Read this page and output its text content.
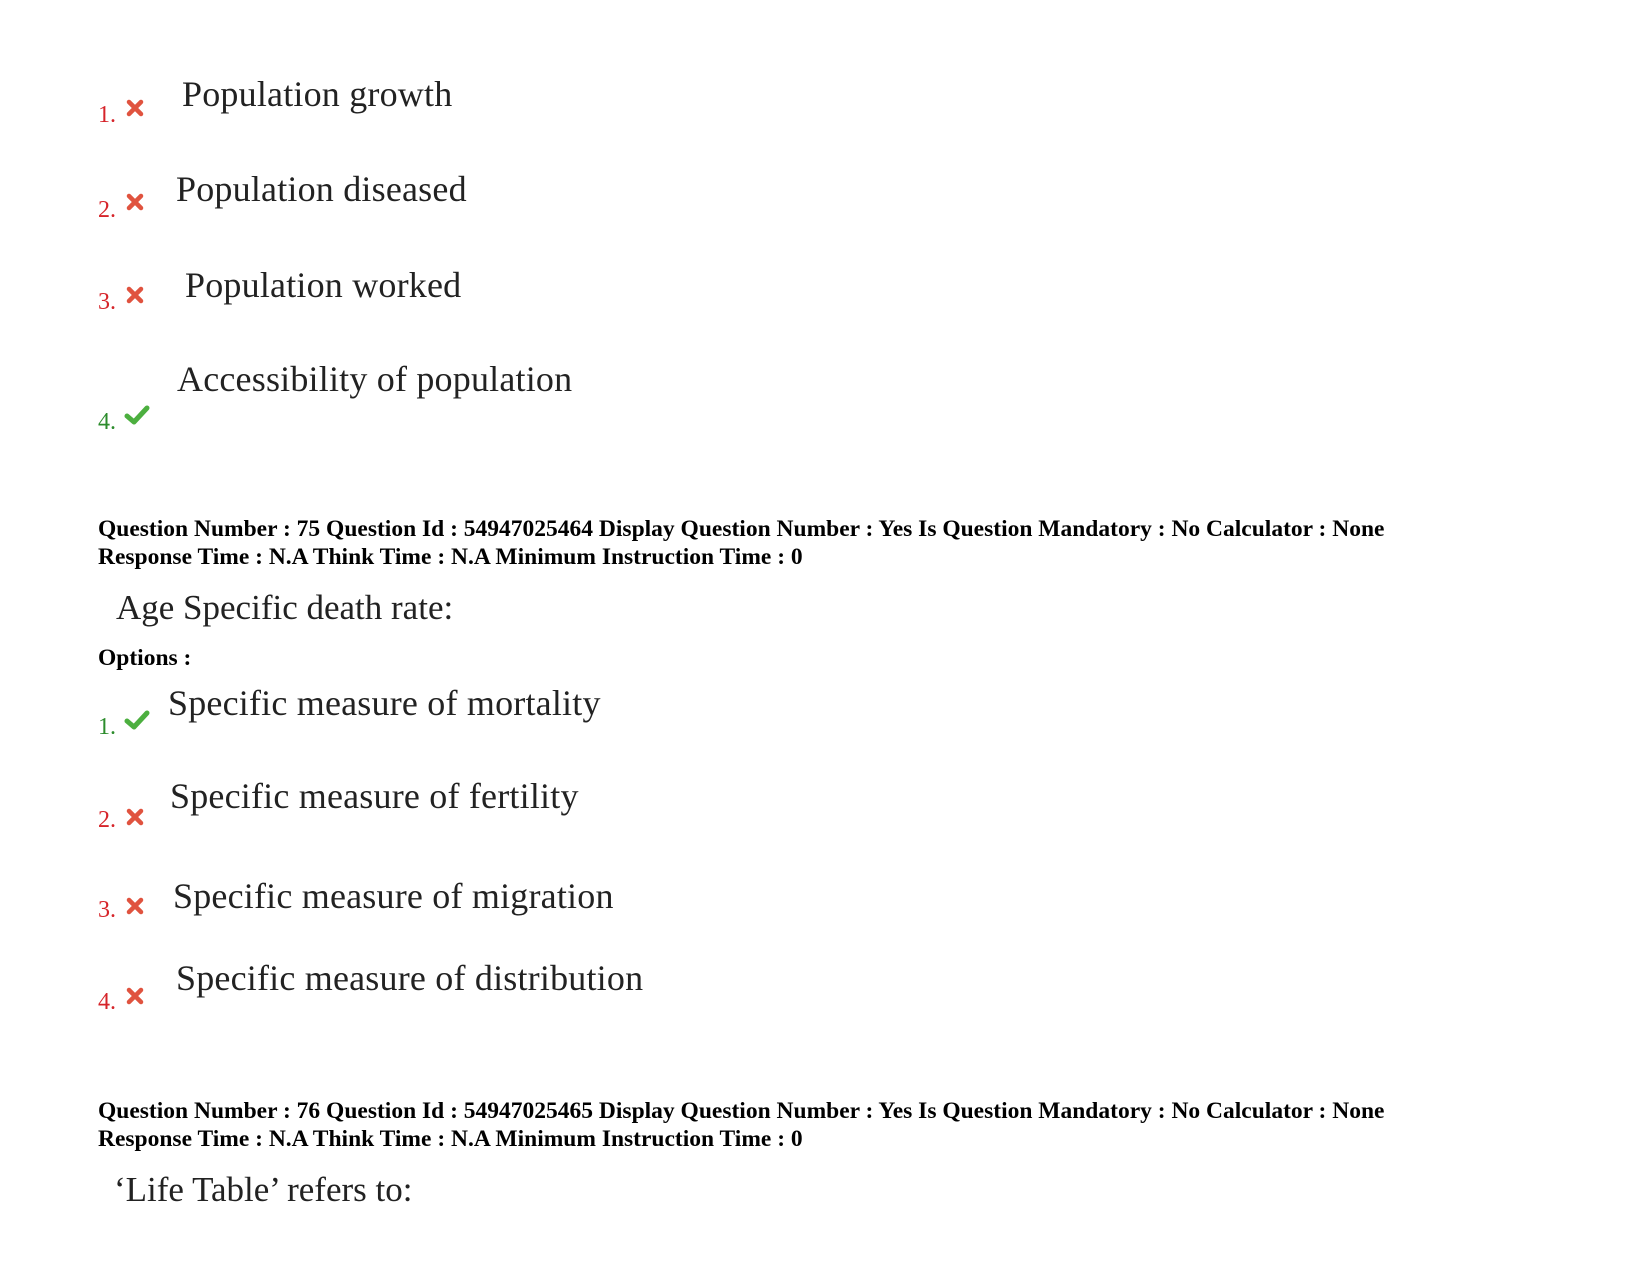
1.
Population growth
2.
Population diseased
3. Population worked
4.
Accessibility of population
Question Number : 75 Question Id : 54947025464 Display Question Number : Yes Is Question Mandatory : No Calculator : None
Response Time : N.A Think Time : N.A Minimum Instruction Time : 0
Age Specific death rate:
Options :
1.
Specific measure of mortality
2.
Specific measure of fertility
3. Specific measure of migration
4.
Specific measure of distribution
Question Number : 76 Question Id : 54947025465 Display Question Number : Yes Is Question Mandatory : No Calculator : None
Response Time : N.A Think Time : N.A Minimum Instruction Time : 0
‘Life Table’ refers to:
